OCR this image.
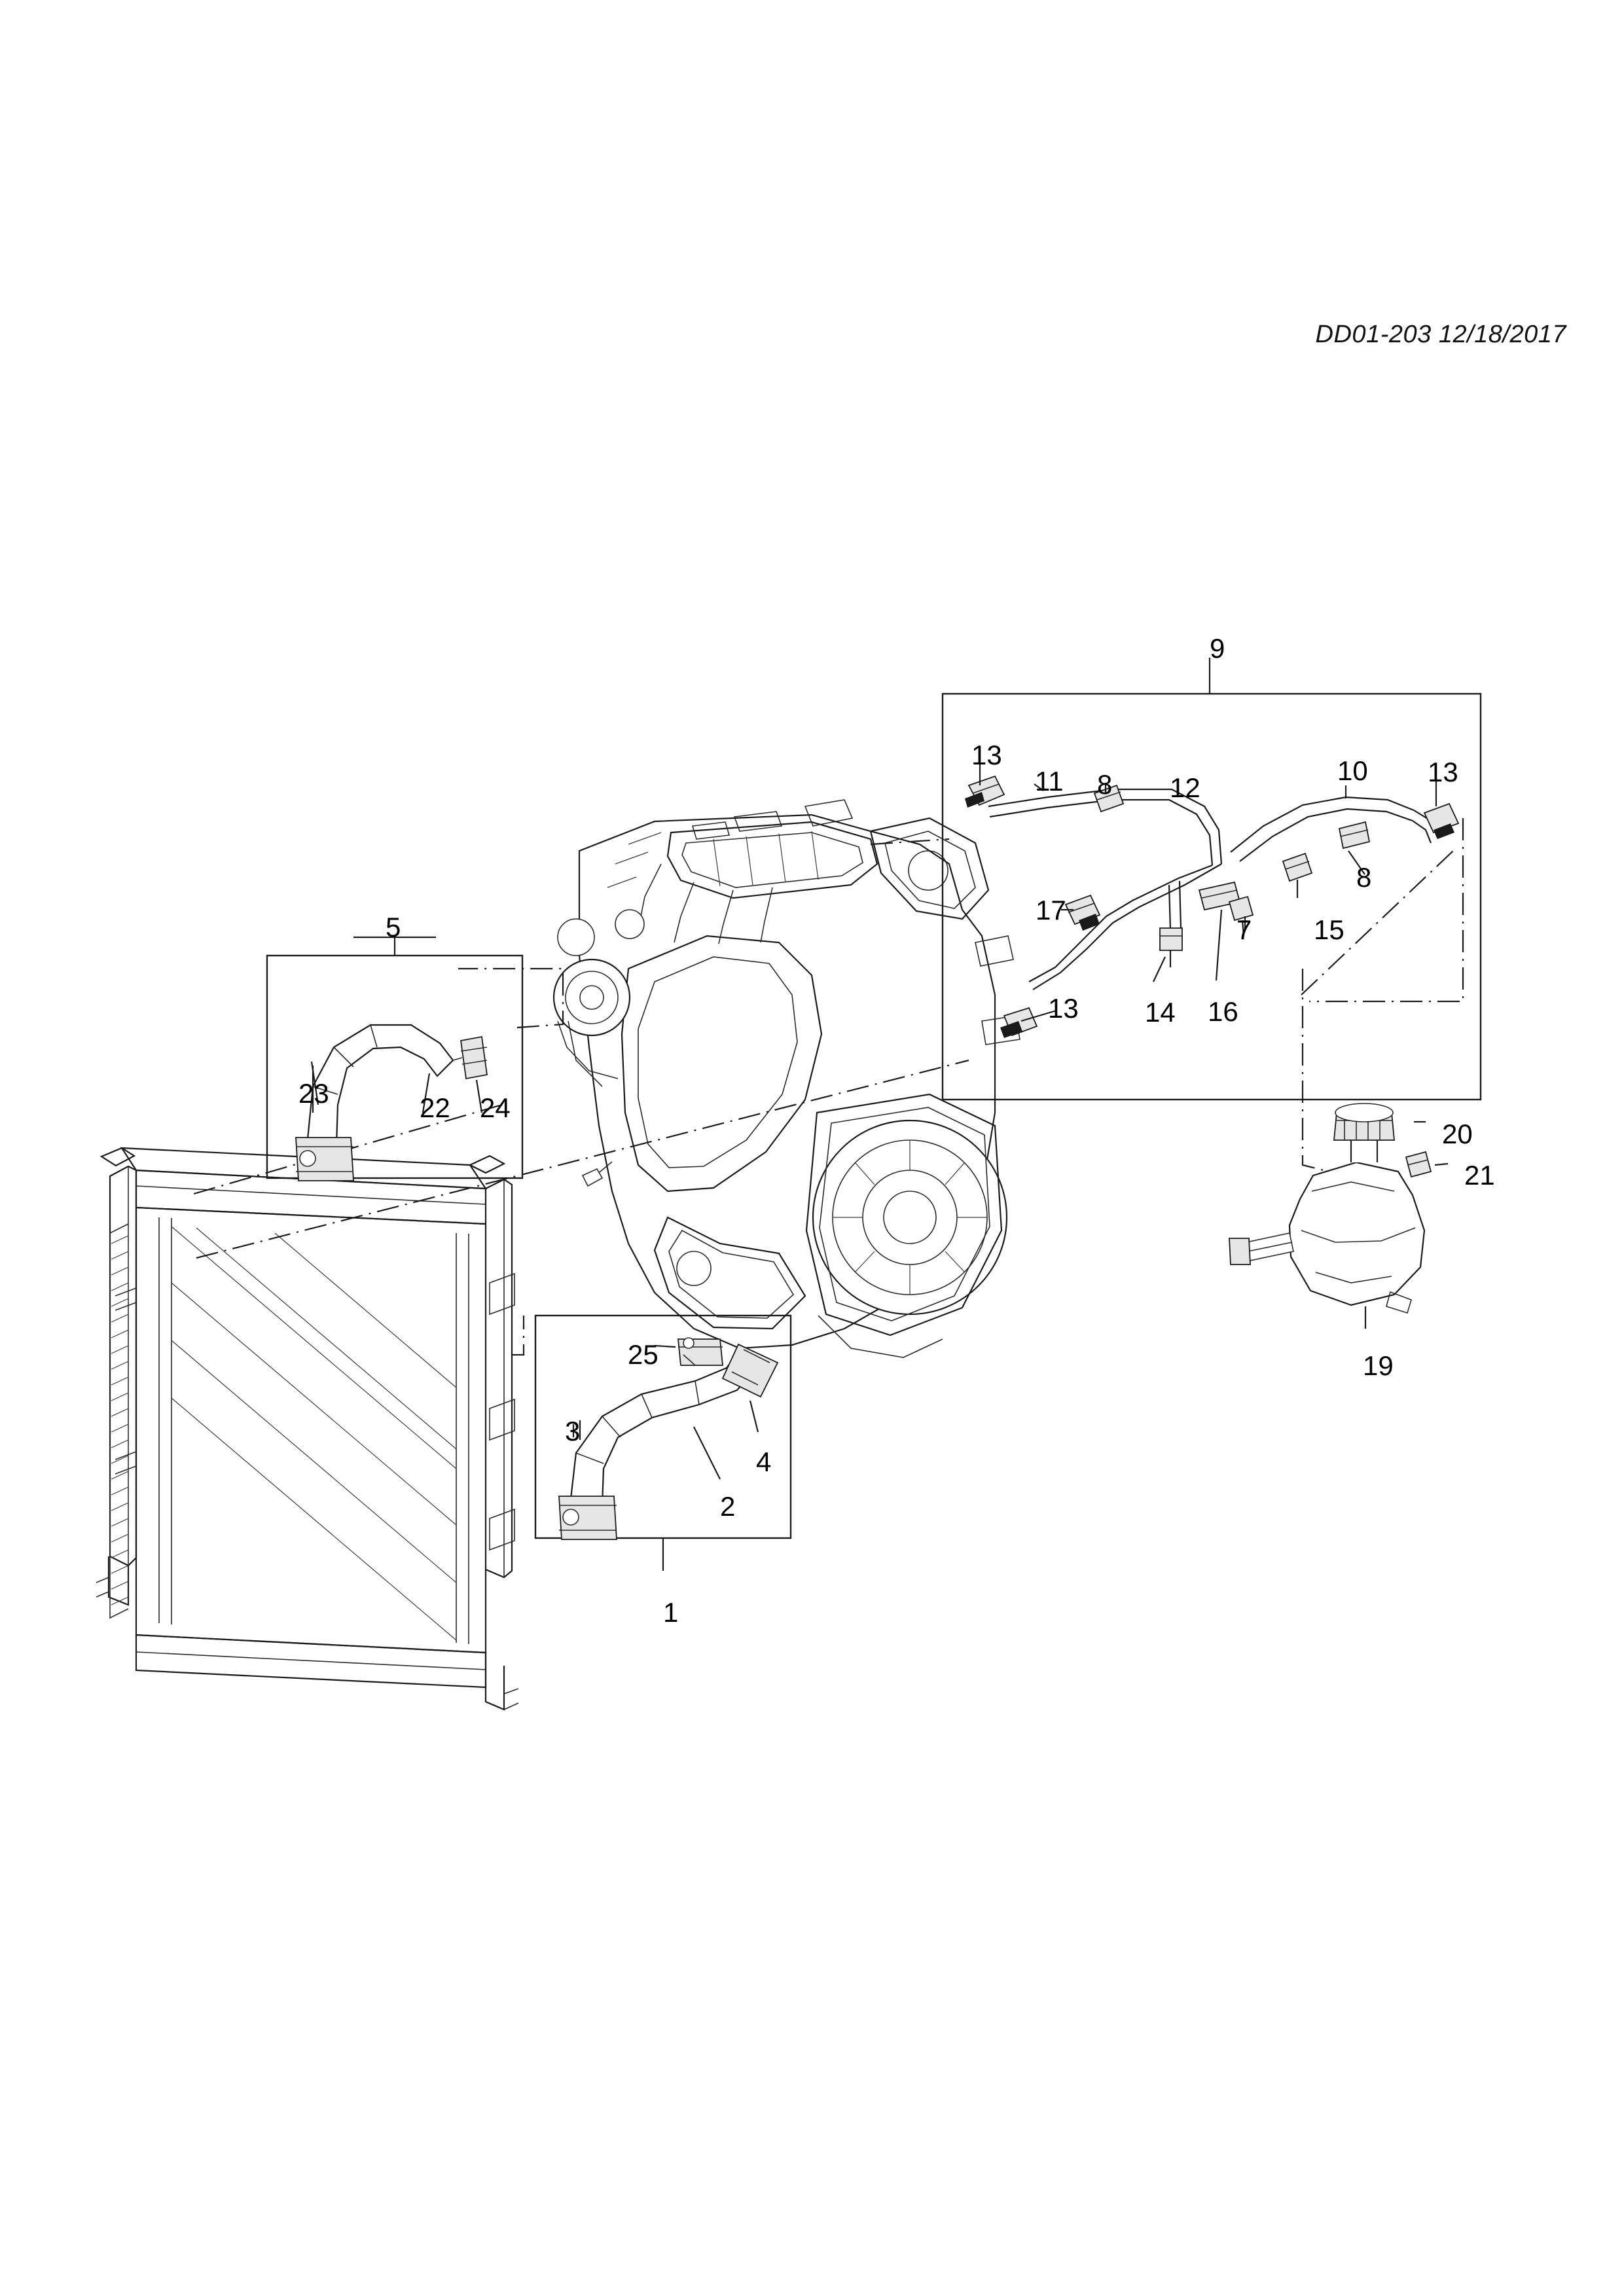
DD01-203 12/18/2017
1
2
3
4
5	7
8
8
9
10
11	12
13
13
13 14
15
16
17
19
20
21
22
23	24
25
